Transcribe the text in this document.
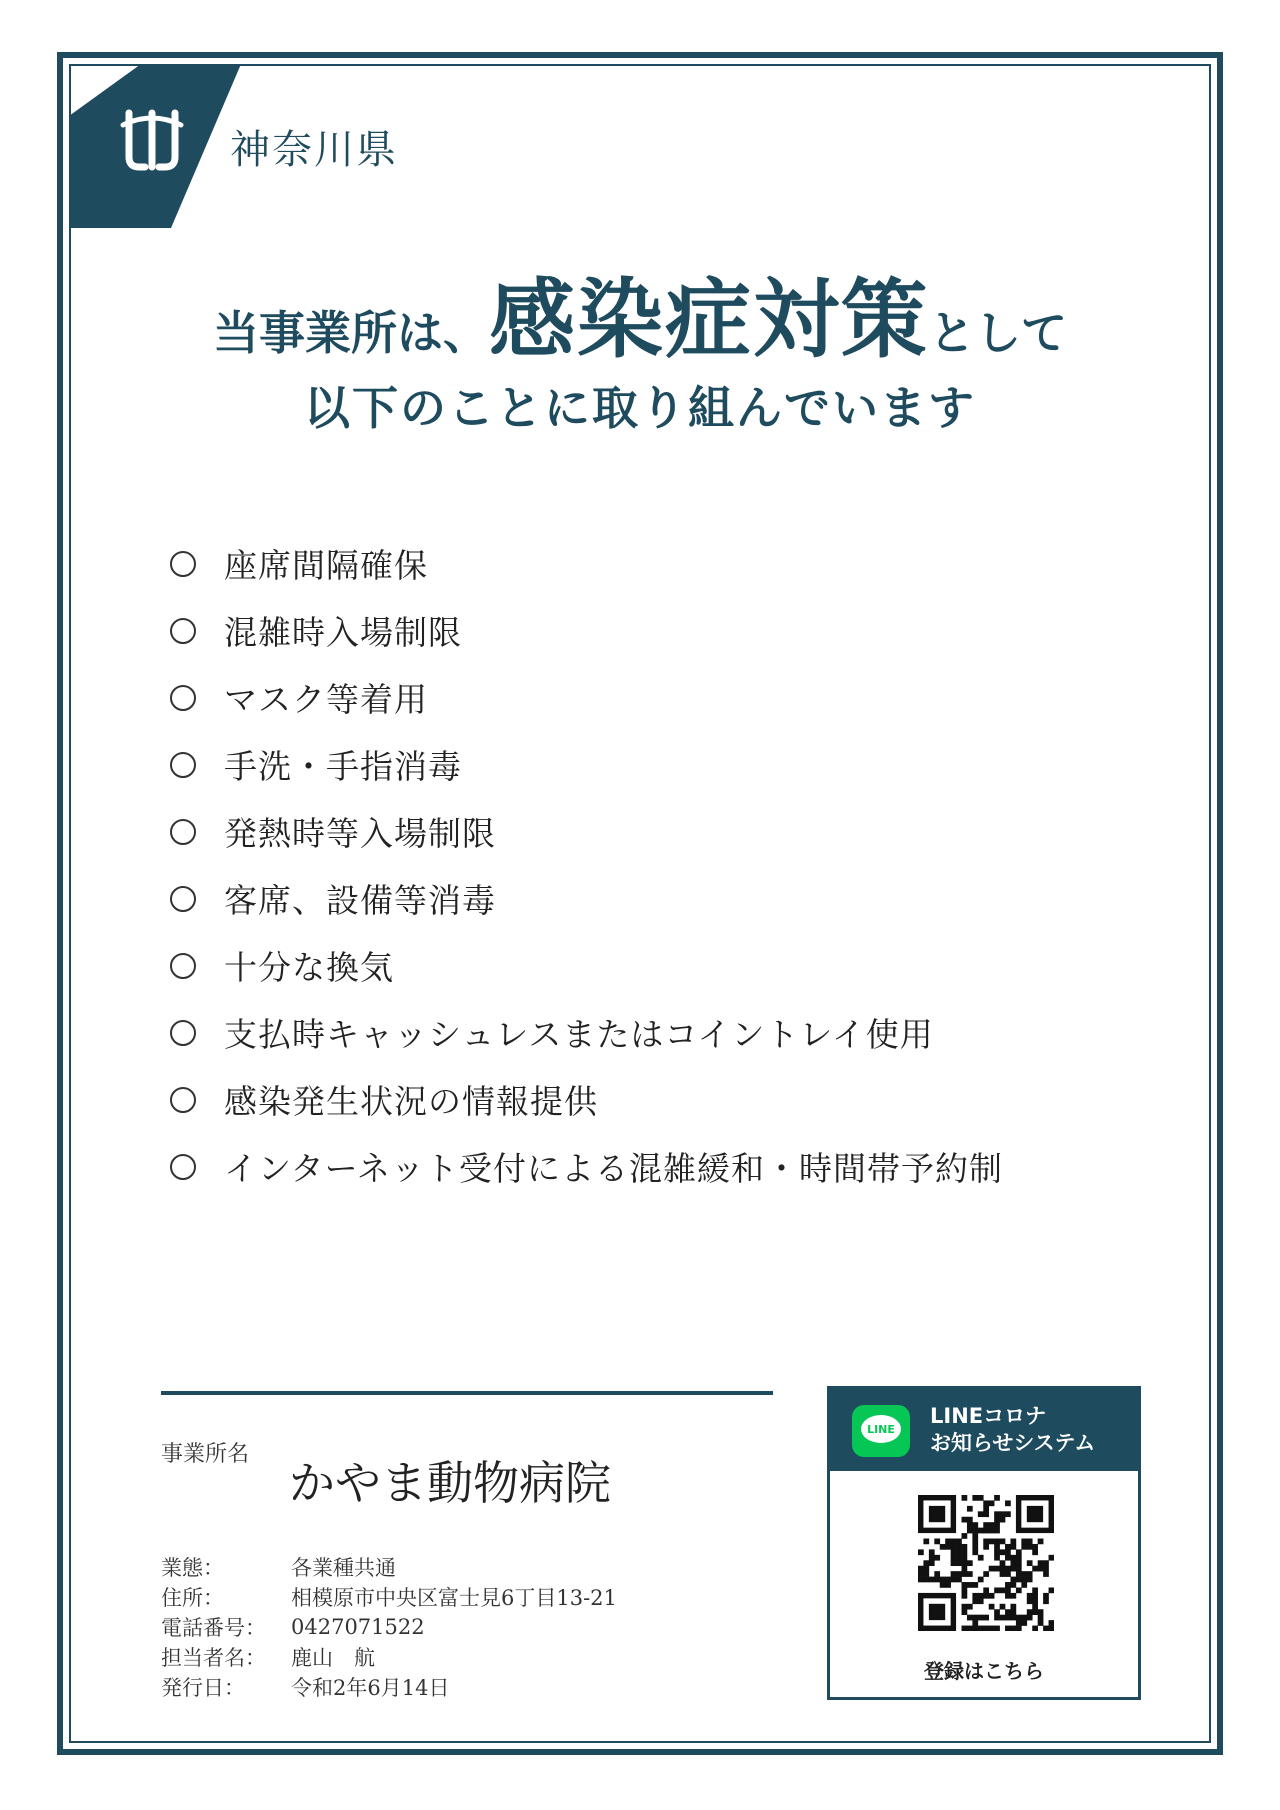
神奈川県
当事業所は、感染症対策として
以下のことに取り組んでいます
座席間隔確保
混雑時入場制限
マスク等着用
手洗・手指消毒
発熱時等入場制限
客席、設備等消毒
十分な換気
支払時キャッシュレスまたはコイントレイ使用
感染発生状況の情報提供
インターネット受付による混雑緩和・時間帯予約制
事業所名
かやま動物病院
業態：	各業種共通
住所：	相模原市中央区富士見6丁目13-21
電話番号：	0427071522
担当者名：	鹿山　航
発行日：	令和2年6月14日
LINE
LINEコロナ
お知らせシステム
登録はこちら
